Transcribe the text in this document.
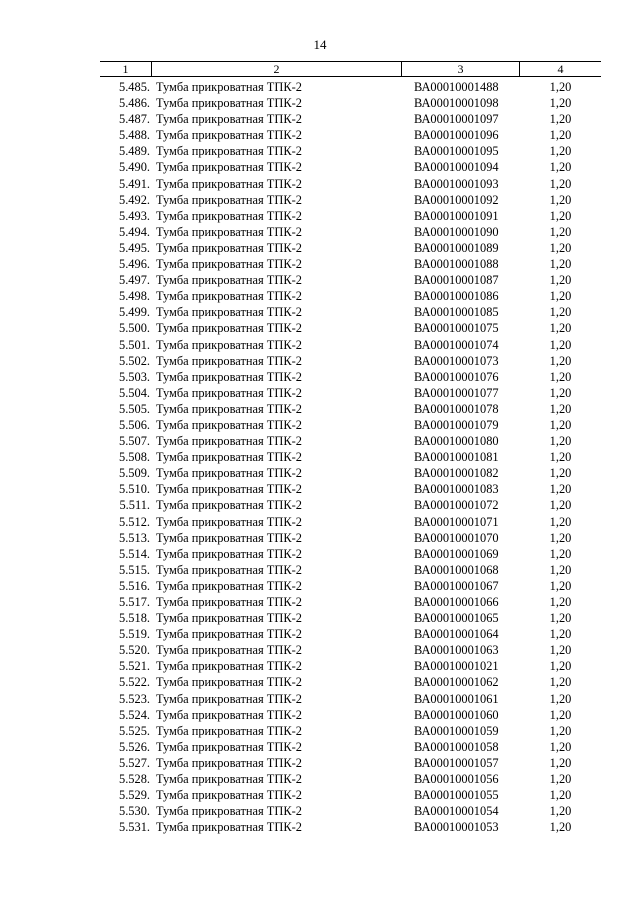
14
1	2	3	4
5.485. Тумба прикроватная ТПК-2	ВА00010001488	1,20
5.486. Тумба прикроватная ТПК-2	ВА00010001098	1,20
5.487. Тумба прикроватная ТПК-2	ВА00010001097	1,20
5.488. Тумба прикроватная ТПК-2	ВА00010001096	1,20
5.489. Тумба прикроватная ТПК-2	ВА00010001095	1,20
5.490. Тумба прикроватная ТПК-2	ВА00010001094	1,20
5.491. Тумба прикроватная ТПК-2	ВА00010001093	1,20
5.492. Тумба прикроватная ТПК-2	ВА00010001092	1,20
5.493. Тумба прикроватная ТПК-2	ВА00010001091	1,20
5.494. Тумба прикроватная ТПК-2	ВА00010001090	1,20
5.495. Тумба прикроватная ТПК-2	ВА00010001089	1,20
5.496. Тумба прикроватная ТПК-2	ВА00010001088	1,20
5.497. Тумба прикроватная ТПК-2	ВА00010001087	1,20
5.498. Тумба прикроватная ТПК-2	ВА00010001086	1,20
5.499. Тумба прикроватная ТПК-2	ВА00010001085	1,20
5.500. Тумба прикроватная ТПК-2	ВА00010001075	1,20
5.501. Тумба прикроватная ТПК-2	ВА00010001074	1,20
5.502. Тумба прикроватная ТПК-2	ВА00010001073	1,20
5.503. Тумба прикроватная ТПК-2	ВА00010001076	1,20
5.504. Тумба прикроватная ТПК-2	ВА00010001077	1,20
5.505. Тумба прикроватная ТПК-2	ВА00010001078	1,20
5.506. Тумба прикроватная ТПК-2	ВА00010001079	1,20
5.507. Тумба прикроватная ТПК-2	ВА00010001080	1,20
5.508. Тумба прикроватная ТПК-2	ВА00010001081	1,20
5.509. Тумба прикроватная ТПК-2	ВА00010001082	1,20
5.510. Тумба прикроватная ТПК-2	ВА00010001083	1,20
5.511. Тумба прикроватная ТПК-2	ВА00010001072	1,20
5.512. Тумба прикроватная ТПК-2	ВА00010001071	1,20
5.513. Тумба прикроватная ТПК-2	ВА00010001070	1,20
5.514. Тумба прикроватная ТПК-2	ВА00010001069	1,20
5.515. Тумба прикроватная ТПК-2	ВА00010001068	1,20
5.516. Тумба прикроватная ТПК-2	ВА00010001067	1,20
5.517. Тумба прикроватная ТПК-2	ВА00010001066	1,20
5.518. Тумба прикроватная ТПК-2	ВА00010001065	1,20
5.519. Тумба прикроватная ТПК-2	ВА00010001064	1,20
5.520. Тумба прикроватная ТПК-2	ВА00010001063	1,20
5.521. Тумба прикроватная ТПК-2	ВА00010001021	1,20
5.522. Тумба прикроватная ТПК-2	ВА00010001062	1,20
5.523. Тумба прикроватная ТПК-2	ВА00010001061	1,20
5.524. Тумба прикроватная ТПК-2	ВА00010001060	1,20
5.525. Тумба прикроватная ТПК-2	ВА00010001059	1,20
5.526. Тумба прикроватная ТПК-2	ВА00010001058	1,20
5.527. Тумба прикроватная ТПК-2	ВА00010001057	1,20
5.528. Тумба прикроватная ТПК-2	ВА00010001056	1,20
5.529. Тумба прикроватная ТПК-2	ВА00010001055	1,20
5.530. Тумба прикроватная ТПК-2	ВА00010001054	1,20
5.531. Тумба прикроватная ТПК-2	ВА00010001053	1,20
